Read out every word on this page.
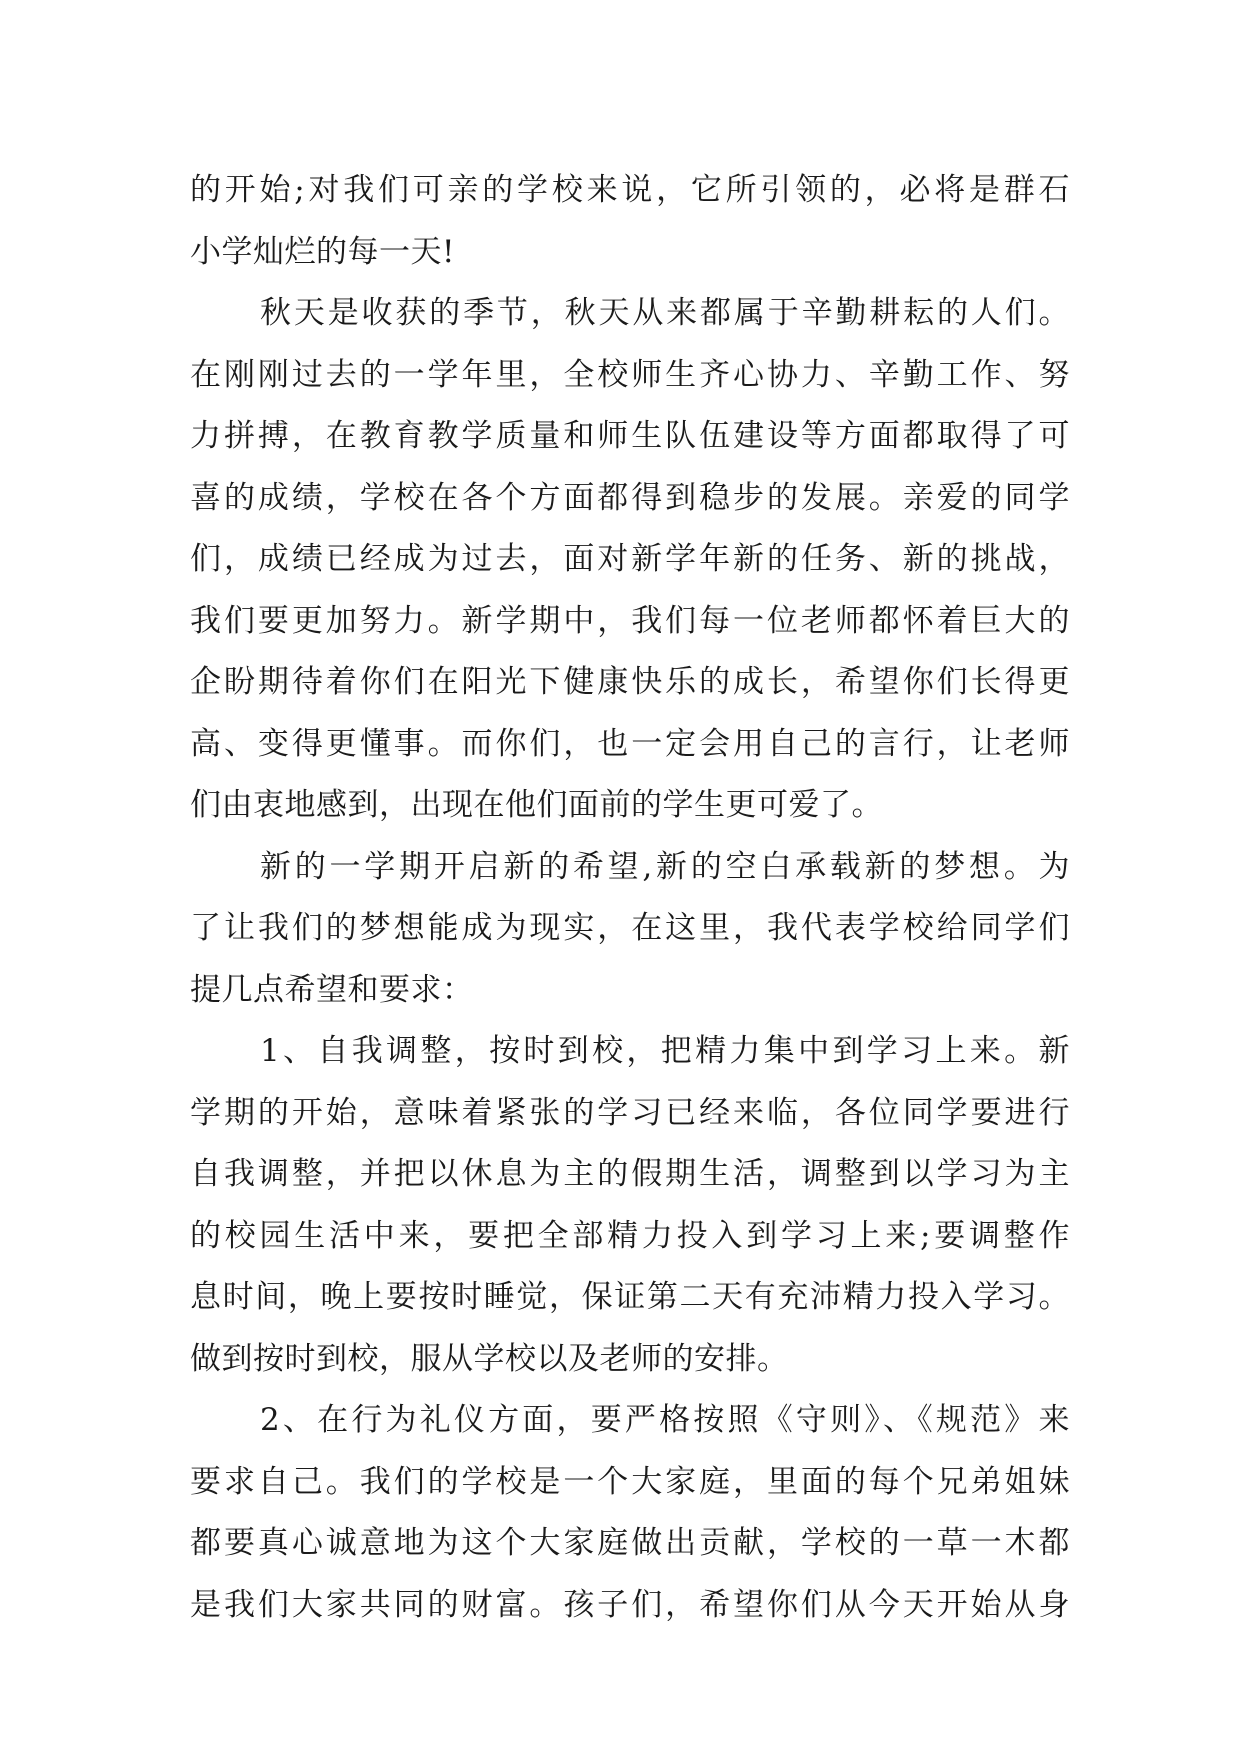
的开始;对我们可亲的学校来说，它所引领的，必将是群石
小学灿烂的每一天!
秋天是收获的季节，秋天从来都属于辛勤耕耘的人们。
在刚刚过去的一学年里，全校师生齐心协力、辛勤工作、努
力拼搏，在教育教学质量和师生队伍建设等方面都取得了可
喜的成绩，学校在各个方面都得到稳步的发展。亲爱的同学
们，成绩已经成为过去，面对新学年新的任务、新的挑战，
我们要更加努力。新学期中，我们每一位老师都怀着巨大的
企盼期待着你们在阳光下健康快乐的成长，希望你们长得更
高、变得更懂事。而你们，也一定会用自己的言行，让老师
们由衷地感到，出现在他们面前的学生更可爱了。
新的一学期开启新的希望,新的空白承载新的梦想。为
了让我们的梦想能成为现实，在这里，我代表学校给同学们
提几点希望和要求：
1、自我调整，按时到校，把精力集中到学习上来。新
学期的开始，意味着紧张的学习已经来临，各位同学要进行
自我调整，并把以休息为主的假期生活，调整到以学习为主
的校园生活中来，要把全部精力投入到学习上来;要调整作
息时间，晚上要按时睡觉，保证第二天有充沛精力投入学习。
做到按时到校，服从学校以及老师的安排。
2、在行为礼仪方面，要严格按照《守则》、《规范》来
要求自己。我们的学校是一个大家庭，里面的每个兄弟姐妹
都要真心诚意地为这个大家庭做出贡献，学校的一草一木都
是我们大家共同的财富。孩子们，希望你们从今天开始从身
